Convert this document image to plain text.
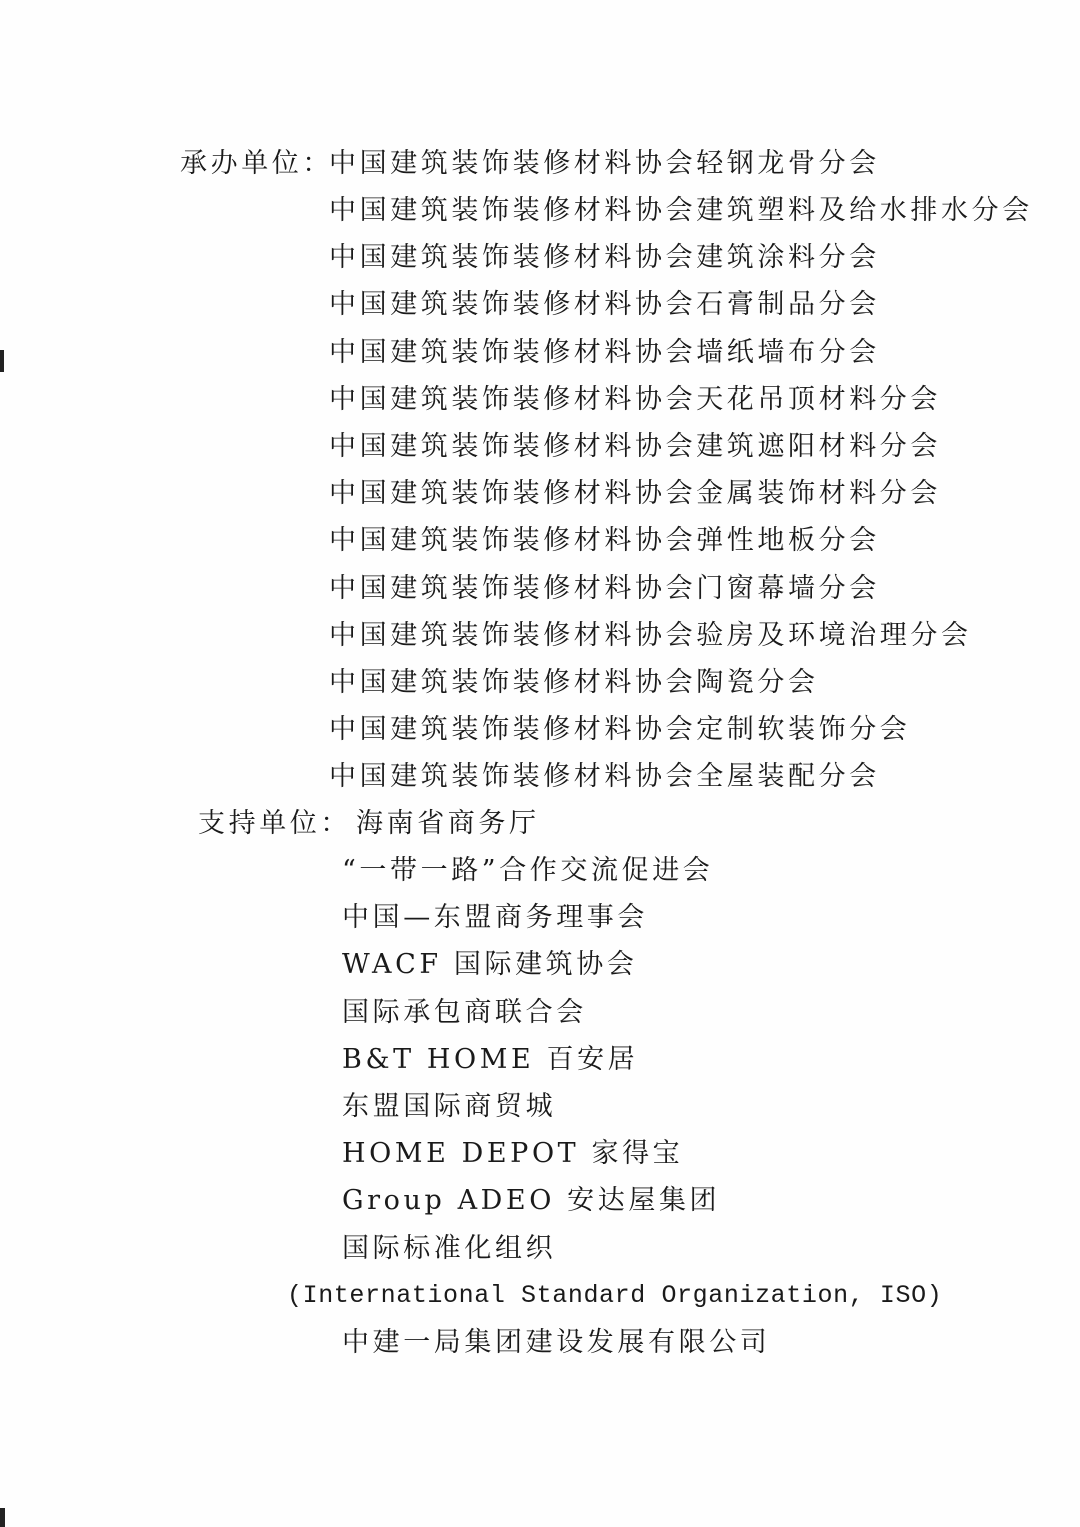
承办单位：
中国建筑装饰装修材料协会轻钢龙骨分会
中国建筑装饰装修材料协会建筑塑料及给水排水分会
中国建筑装饰装修材料协会建筑涂料分会
中国建筑装饰装修材料协会石膏制品分会
中国建筑装饰装修材料协会墙纸墙布分会
中国建筑装饰装修材料协会天花吊顶材料分会
中国建筑装饰装修材料协会建筑遮阳材料分会
中国建筑装饰装修材料协会金属装饰材料分会
中国建筑装饰装修材料协会弹性地板分会
中国建筑装饰装修材料协会门窗幕墙分会
中国建筑装饰装修材料协会验房及环境治理分会
中国建筑装饰装修材料协会陶瓷分会
中国建筑装饰装修材料协会定制软装饰分会
中国建筑装饰装修材料协会全屋装配分会
支持单位： 海南省商务厅
“一带一路”合作交流促进会
中国—东盟商务理事会
WACF 国际建筑协会
国际承包商联合会
B&T HOME 百安居
东盟国际商贸城
HOME DEPOT 家得宝
Group ADEO 安达屋集团
国际标准化组织
(International Standard Organization, ISO)
中建一局集团建设发展有限公司
